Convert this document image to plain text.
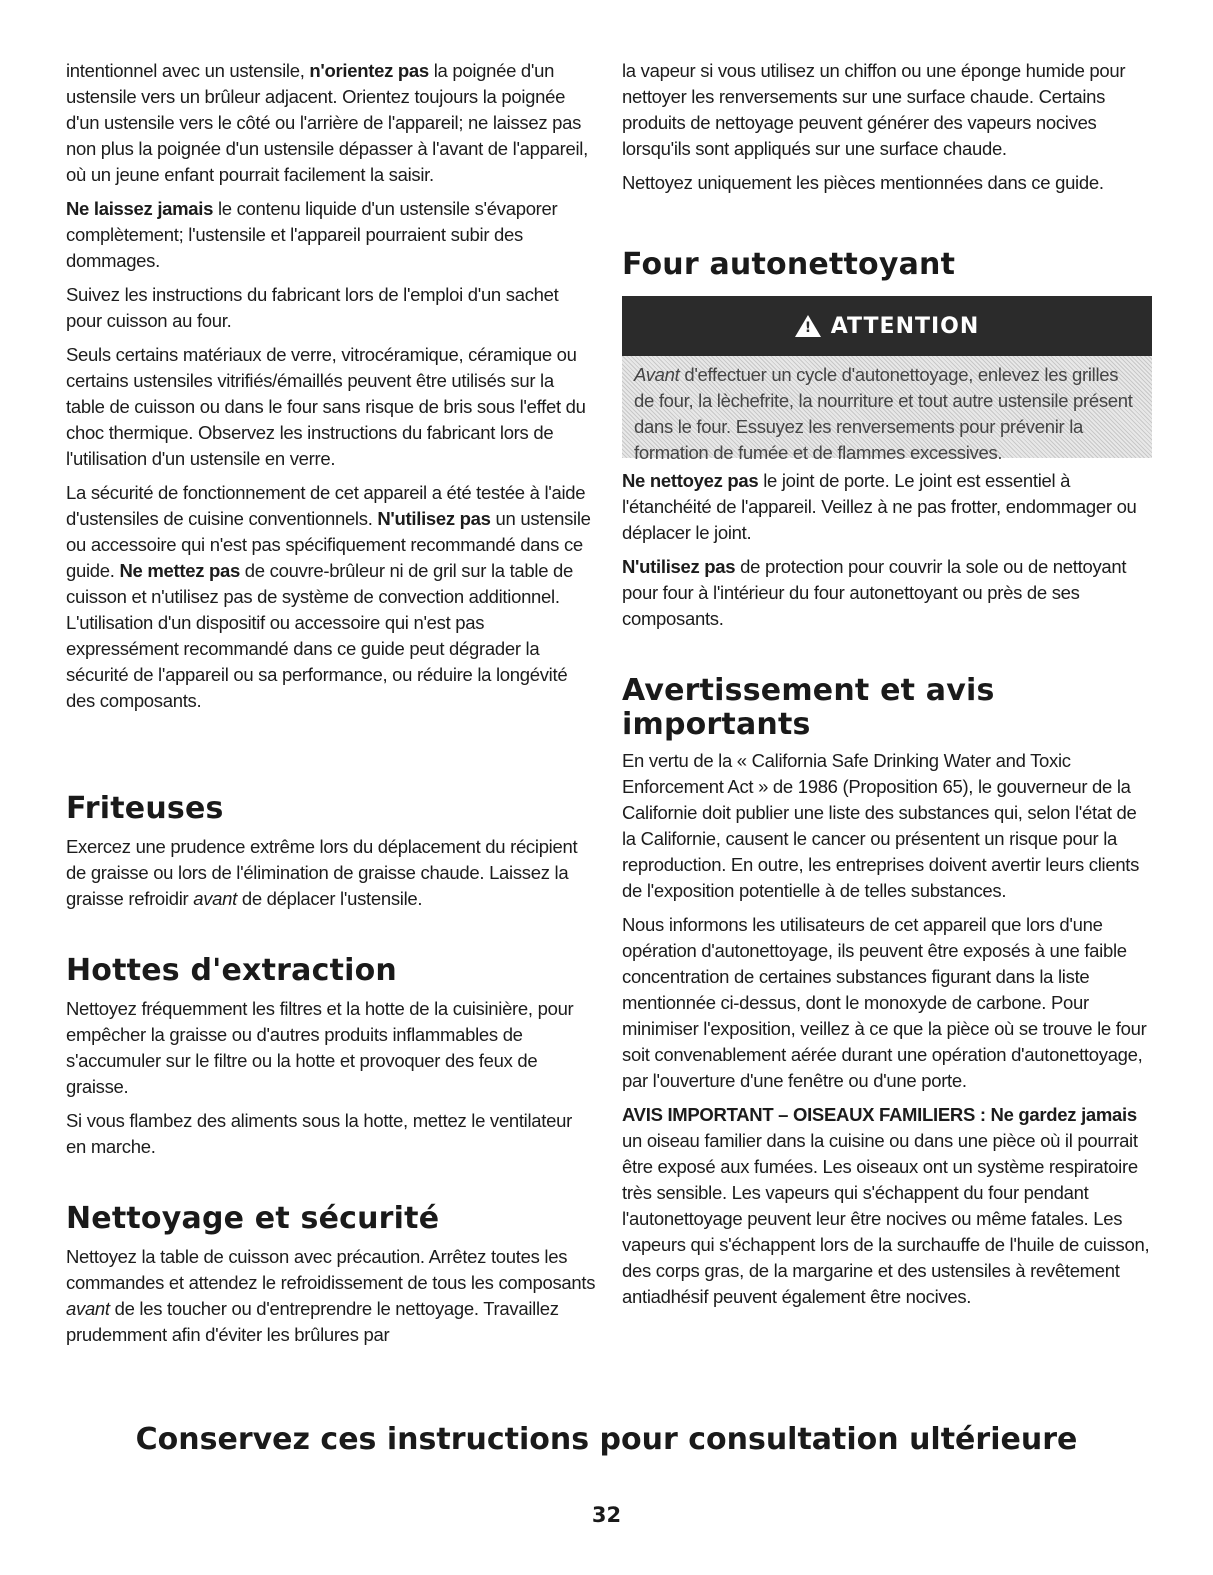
intentionnel avec un ustensile, n'orientez pas la poignée d'un ustensile vers un brûleur adjacent. Orientez toujours la poignée d'un ustensile vers le côté ou l'arrière de l'appareil; ne laissez pas non plus la poignée d'un ustensile dépasser à l'avant de l'appareil, où un jeune enfant pourrait facilement la saisir.

Ne laissez jamais le contenu liquide d'un ustensile s'évaporer complètement; l'ustensile et l'appareil pourraient subir des dommages.

Suivez les instructions du fabricant lors de l'emploi d'un sachet pour cuisson au four.

Seuls certains matériaux de verre, vitrocéramique, céramique ou certains ustensiles vitrifiés/émaillés peuvent être utilisés sur la table de cuisson ou dans le four sans risque de bris sous l'effet du choc thermique. Observez les instructions du fabricant lors de l'utilisation d'un ustensile en verre.

La sécurité de fonctionnement de cet appareil a été testée à l'aide d'ustensiles de cuisine conventionnels. N'utilisez pas un ustensile ou accessoire qui n'est pas spécifiquement recommandé dans ce guide. Ne mettez pas de couvre-brûleur ni de gril sur la table de cuisson et n'utilisez pas de système de convection additionnel. L'utilisation d'un dispositif ou accessoire qui n'est pas expressément recommandé dans ce guide peut dégrader la sécurité de l'appareil ou sa performance, ou réduire la longévité des composants.

Friteuses

Exercez une prudence extrême lors du déplacement du récipient de graisse ou lors de l'élimination de graisse chaude. Laissez la graisse refroidir avant de déplacer l'ustensile.

Hottes d'extraction

Nettoyez fréquemment les filtres et la hotte de la cuisinière, pour empêcher la graisse ou d'autres produits inflammables de s'accumuler sur le filtre ou la hotte et provoquer des feux de graisse.

Si vous flambez des aliments sous la hotte, mettez le ventilateur en marche.

Nettoyage et sécurité

Nettoyez la table de cuisson avec précaution. Arrêtez toutes les commandes et attendez le refroidissement de tous les composants avant de les toucher ou d'entreprendre le nettoyage. Travaillez prudemment afin d'éviter les brûlures par

la vapeur si vous utilisez un chiffon ou une éponge humide pour nettoyer les renversements sur une surface chaude. Certains produits de nettoyage peuvent générer des vapeurs nocives lorsqu'ils sont appliqués sur une surface chaude.

Nettoyez uniquement les pièces mentionnées dans ce guide.

Four autonettoyant
!
ATTENTION
Avant d'effectuer un cycle d'autonettoyage, enlevez les grilles de four, la lèchefrite, la nourriture et tout autre ustensile présent dans le four. Essuyez les renversements pour prévenir la formation de fumée et de flammes excessives.

Ne nettoyez pas le joint de porte. Le joint est essentiel à l'étanchéité de l'appareil. Veillez à ne pas frotter, endommager ou déplacer le joint.

N'utilisez pas de protection pour couvrir la sole ou de nettoyant pour four à l'intérieur du four autonettoyant ou près de ses composants.

Avertissement et avis importants

En vertu de la « California Safe Drinking Water and Toxic Enforcement Act » de 1986 (Proposition 65), le gouverneur de la Californie doit publier une liste des substances qui, selon l'état de la Californie, causent le cancer ou présentent un risque pour la reproduction. En outre, les entreprises doivent avertir leurs clients de l'exposition potentielle à de telles substances.

Nous informons les utilisateurs de cet appareil que lors d'une opération d'autonettoyage, ils peuvent être exposés à une faible concentration de certaines substances figurant dans la liste mentionnée ci-dessus, dont le monoxyde de carbone. Pour minimiser l'exposition, veillez à ce que la pièce où se trouve le four soit convenablement aérée durant une opération d'autonettoyage, par l'ouverture d'une fenêtre ou d'une porte.

AVIS IMPORTANT – OISEAUX FAMILIERS : Ne gardez jamais un oiseau familier dans la cuisine ou dans une pièce où il pourrait être exposé aux fumées. Les oiseaux ont un système respiratoire très sensible. Les vapeurs qui s'échappent du four pendant l'autonettoyage peuvent leur être nocives ou même fatales. Les vapeurs qui s'échappent lors de la surchauffe de l'huile de cuisson, des corps gras, de la margarine et des ustensiles à revêtement antiadhésif peuvent également être nocives.

Conservez ces instructions pour consultation ultérieure
32
